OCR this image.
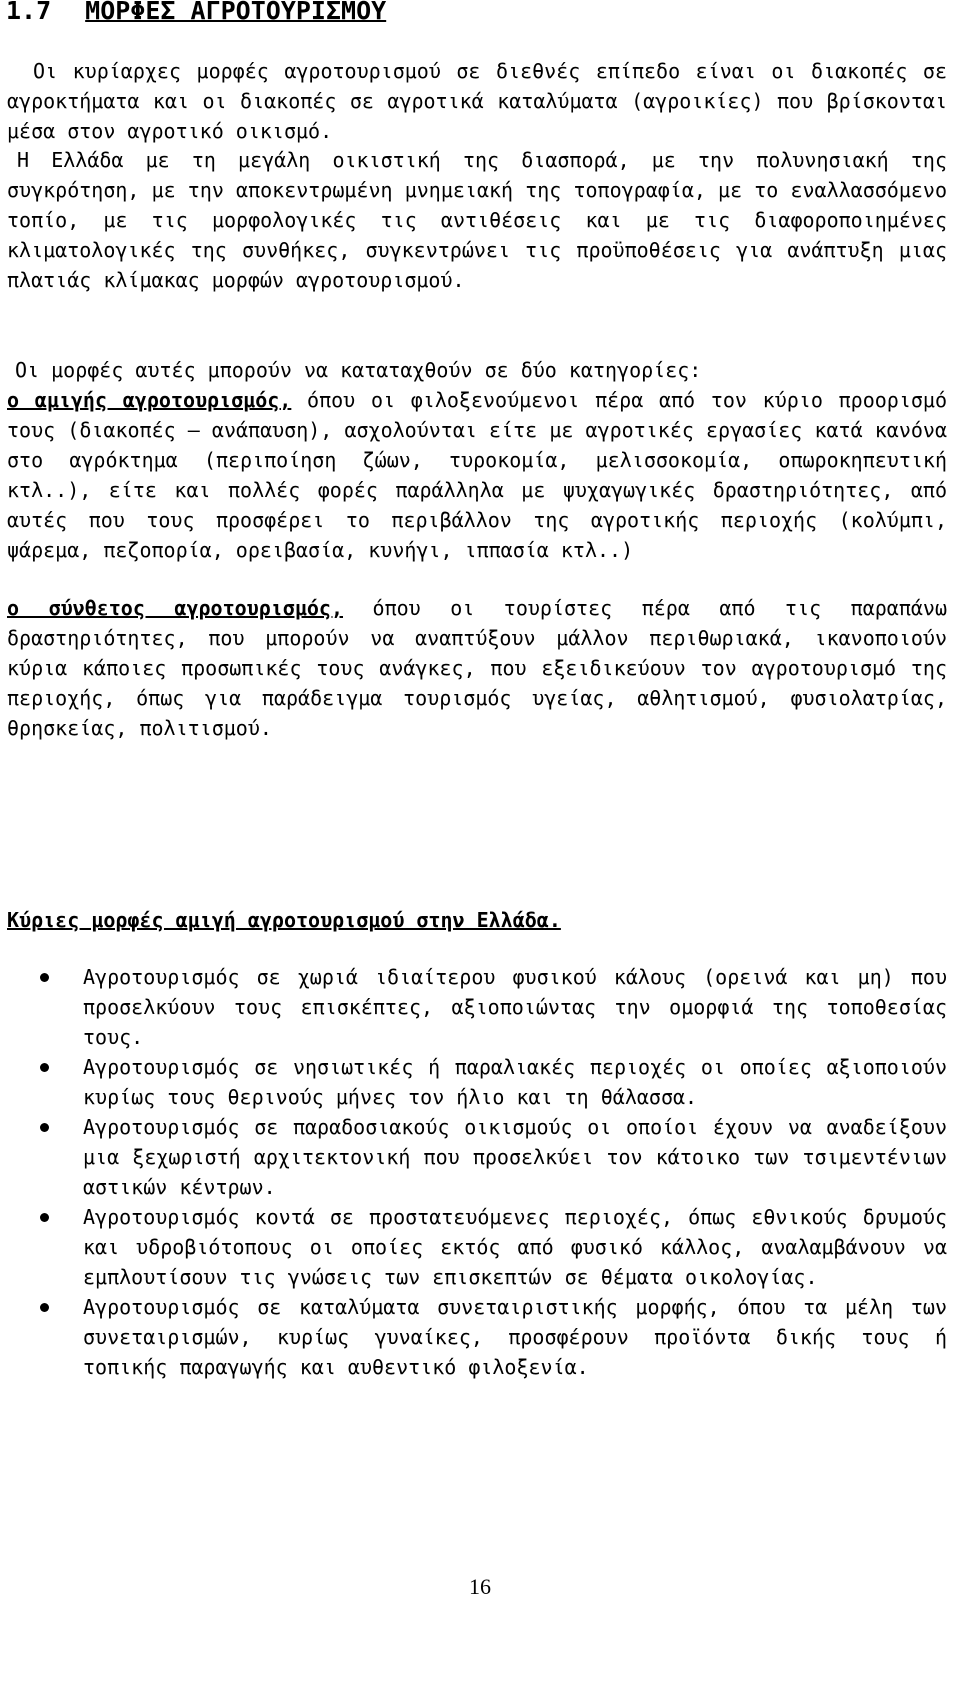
1.7 ΜΟΡΦΕΣ ΑΓΡΟΤΟΥΡΙΣΜΟΥ

Οι κυρίαρχες μορφές αγροτουρισμού σε διεθνές επίπεδο είναι οι διακοπές σε αγροκτήματα και οι διακοπές σε αγροτικά καταλύματα (αγροικίες) που βρίσκονται μέσα στον αγροτικό οικισμό.

Η Ελλάδα με τη μεγάλη οικιστική της διασπορά, με την πολυνησιακή της συγκρότηση, με την αποκεντρωμένη μνημειακή της τοπογραφία, με το εναλλασσόμενο τοπίο, με τις μορφολογικές τις αντιθέσεις και με τις διαφοροποιημένες κλιματολογικές της συνθήκες, συγκεντρώνει τις προϋποθέσεις για ανάπτυξη μιας πλατιάς κλίμακας μορφών αγροτουρισμού.

Οι μορφές αυτές μπορούν να καταταχθούν σε δύο κατηγορίες:
ο αμιγής αγροτουρισμός, όπου οι φιλοξενούμενοι πέρα από τον κύριο προορισμό τους (διακοπές – ανάπαυση), ασχολούνται είτε με αγροτικές εργασίες κατά κανόνα στο αγρόκτημα (περιποίηση ζώων, τυροκομία, μελισσοκομία, οπωροκηπευτική κτλ..), είτε και πολλές φορές παράλληλα με ψυχαγωγικές δραστηριότητες, από αυτές που τους προσφέρει το περιβάλλον της αγροτικής περιοχής (κολύμπι, ψάρεμα, πεζοπορία, ορειβασία, κυνήγι, ιππασία κτλ..)

ο σύνθετος αγροτουρισμός, όπου οι τουρίστες πέρα από τις παραπάνω δραστηριότητες, που μπορούν να αναπτύξουν μάλλον περιθωριακά, ικανοποιούν κύρια κάποιες προσωπικές τους ανάγκες, που εξειδικεύουν τον αγροτουρισμό της περιοχής, όπως για παράδειγμα τουρισμός υγείας, αθλητισμού, φυσιολατρίας, θρησκείας, πολιτισμού.

Κύριες μορφές αμιγή αγροτουρισμού στην Ελλάδα.
Αγροτουρισμός σε χωριά ιδιαίτερου φυσικού κάλους (ορεινά και μη) που προσελκύουν τους επισκέπτες, αξιοποιώντας την ομορφιά της τοποθεσίας τους.
Αγροτουρισμός σε νησιωτικές ή παραλιακές περιοχές οι οποίες αξιοποιούν κυρίως τους θερινούς μήνες τον ήλιο και τη θάλασσα.
Αγροτουρισμός σε παραδοσιακούς οικισμούς οι οποίοι έχουν να αναδείξουν μια ξεχωριστή αρχιτεκτονική που προσελκύει τον κάτοικο των τσιμεντένιων αστικών κέντρων.
Αγροτουρισμός κοντά σε προστατευόμενες περιοχές, όπως εθνικούς δρυμούς και υδροβιότοπους οι οποίες εκτός από φυσικό κάλλος, αναλαμβάνουν να εμπλουτίσουν τις γνώσεις των επισκεπτών σε θέματα οικολογίας.
Αγροτουρισμός σε καταλύματα συνεταιριστικής μορφής, όπου τα μέλη των συνεταιρισμών, κυρίως γυναίκες, προσφέρουν προϊόντα δικής τους ή τοπικής παραγωγής και αυθεντικό φιλοξενία.
16
